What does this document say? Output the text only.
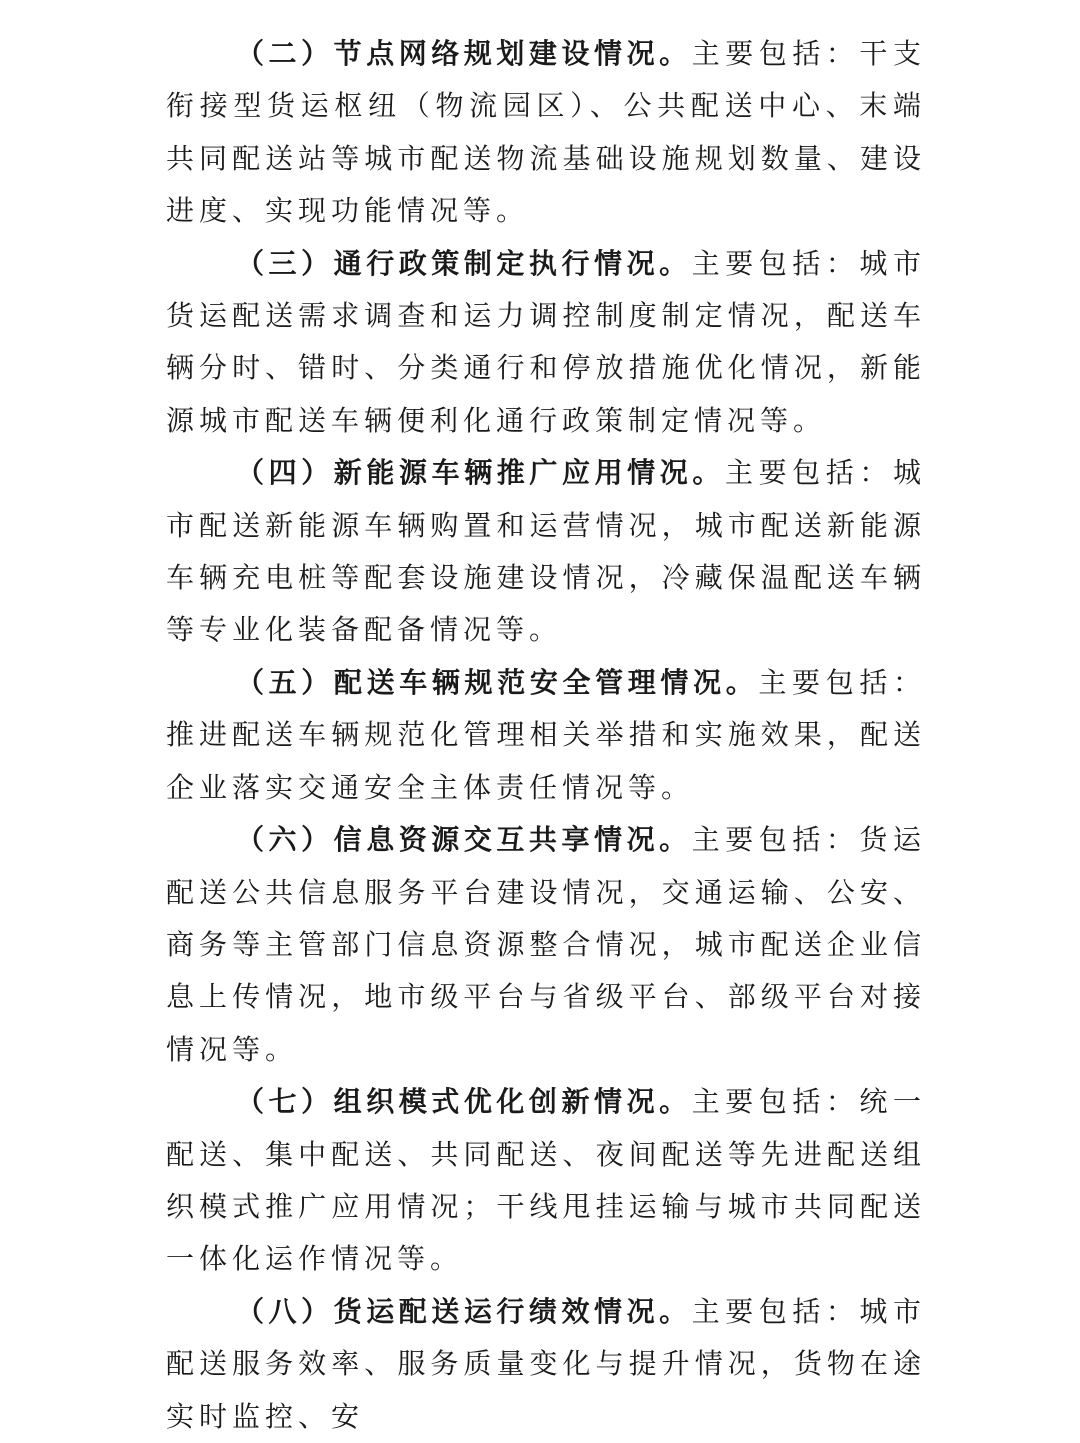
（二）节点网络规划建设情况。主要包括：干支衔接型货运枢纽（物流园区）、公共配送中心、末端共同配送站等城市配送物流基础设施规划数量、建设进度、实现功能情况等。

（三）通行政策制定执行情况。主要包括：城市货运配送需求调查和运力调控制度制定情况，配送车辆分时、错时、分类通行和停放措施优化情况，新能源城市配送车辆便利化通行政策制定情况等。

（四）新能源车辆推广应用情况。主要包括：城市配送新能源车辆购置和运营情况，城市配送新能源车辆充电桩等配套设施建设情况，冷藏保温配送车辆等专业化装备配备情况等。

（五）配送车辆规范安全管理情况。主要包括：推进配送车辆规范化管理相关举措和实施效果，配送企业落实交通安全主体责任情况等。

（六）信息资源交互共享情况。主要包括：货运配送公共信息服务平台建设情况，交通运输、公安、商务等主管部门信息资源整合情况，城市配送企业信息上传情况，地市级平台与省级平台、部级平台对接情况等。

（七）组织模式优化创新情况。主要包括：统一配送、集中配送、共同配送、夜间配送等先进配送组织模式推广应用情况；干线甩挂运输与城市共同配送一体化运作情况等。

（八）货运配送运行绩效情况。主要包括：城市配送服务效率、服务质量变化与提升情况，货物在途实时监控、安
